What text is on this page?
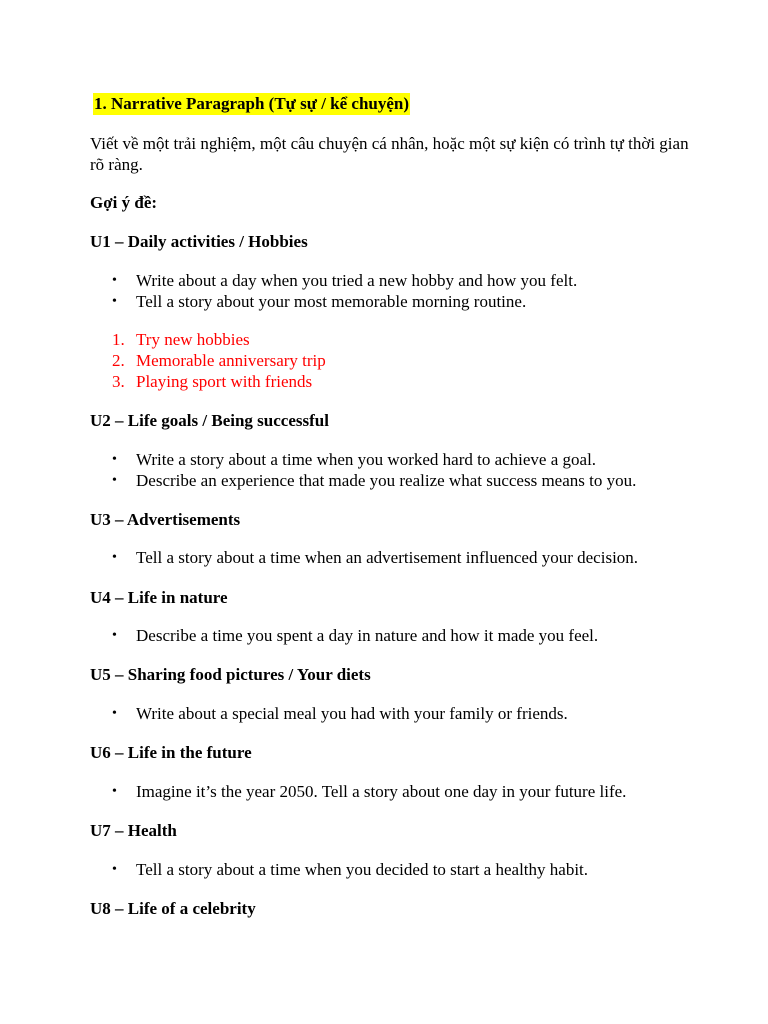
1. Narrative Paragraph (Tự sự / kể chuyện)
Viết về một trải nghiệm, một câu chuyện cá nhân, hoặc một sự kiện có trình tự thời gian rõ ràng.
Gợi ý đề:
U1 – Daily activities / Hobbies
• Write about a day when you tried a new hobby and how you felt.
• Tell a story about your most memorable morning routine.
1. Try new hobbies
2. Memorable anniversary trip
3. Playing sport with friends
U2 – Life goals / Being successful
• Write a story about a time when you worked hard to achieve a goal.
• Describe an experience that made you realize what success means to you.
U3 – Advertisements
• Tell a story about a time when an advertisement influenced your decision.
U4 – Life in nature
• Describe a time you spent a day in nature and how it made you feel.
U5 – Sharing food pictures / Your diets
• Write about a special meal you had with your family or friends.
U6 – Life in the future
• Imagine it’s the year 2050. Tell a story about one day in your future life.
U7 – Health
• Tell a story about a time when you decided to start a healthy habit.
U8 – Life of a celebrity
